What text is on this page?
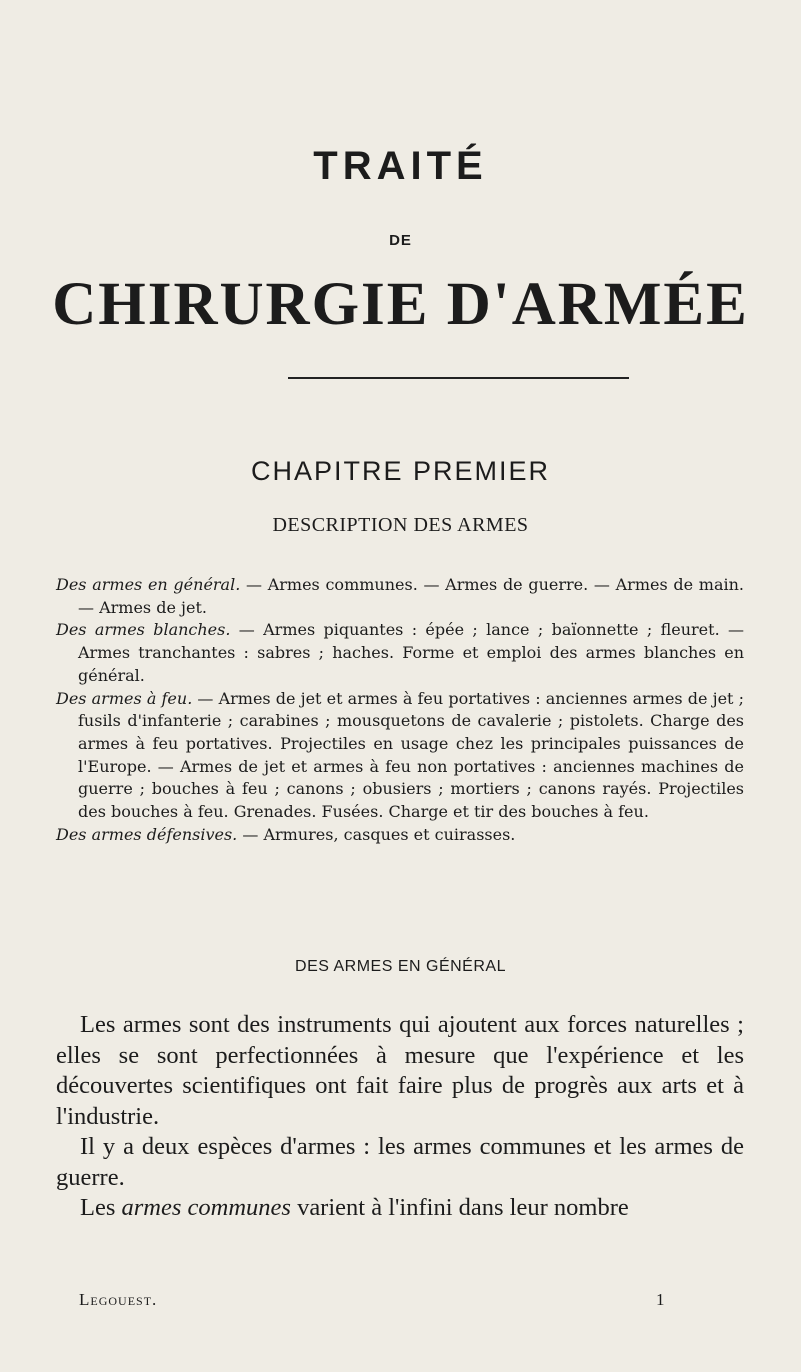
TRAITÉ
DE
CHIRURGIE D'ARMÉE
CHAPITRE PREMIER
DESCRIPTION DES ARMES

Des armes en général. — Armes communes. — Armes de guerre. — Armes de main. — Armes de jet.

Des armes blanches. — Armes piquantes : épée ; lance ; baïonnette ; fleuret. — Armes tranchantes : sabres ; haches. Forme et emploi des armes blanches en général.

Des armes à feu. — Armes de jet et armes à feu portatives : anciennes armes de jet ; fusils d'infanterie ; carabines ; mousquetons de cavalerie ; pistolets. Charge des armes à feu portatives. Projectiles en usage chez les principales puissances de l'Europe. — Armes de jet et armes à feu non portatives : anciennes machines de guerre ; bouches à feu ; canons ; obusiers ; mortiers ; canons rayés. Projectiles des bouches à feu. Grenades. Fusées. Charge et tir des bouches à feu.

Des armes défensives. — Armures, casques et cuirasses.

DES ARMES EN GÉNÉRAL

Les armes sont des instruments qui ajoutent aux forces naturelles ; elles se sont perfectionnées à mesure que l'expérience et les découvertes scientifiques ont fait faire plus de progrès aux arts et à l'industrie.

Il y a deux espèces d'armes : les armes communes et les armes de guerre.

Les armes communes varient à l'infini dans leur nombre

Legouest.	1
